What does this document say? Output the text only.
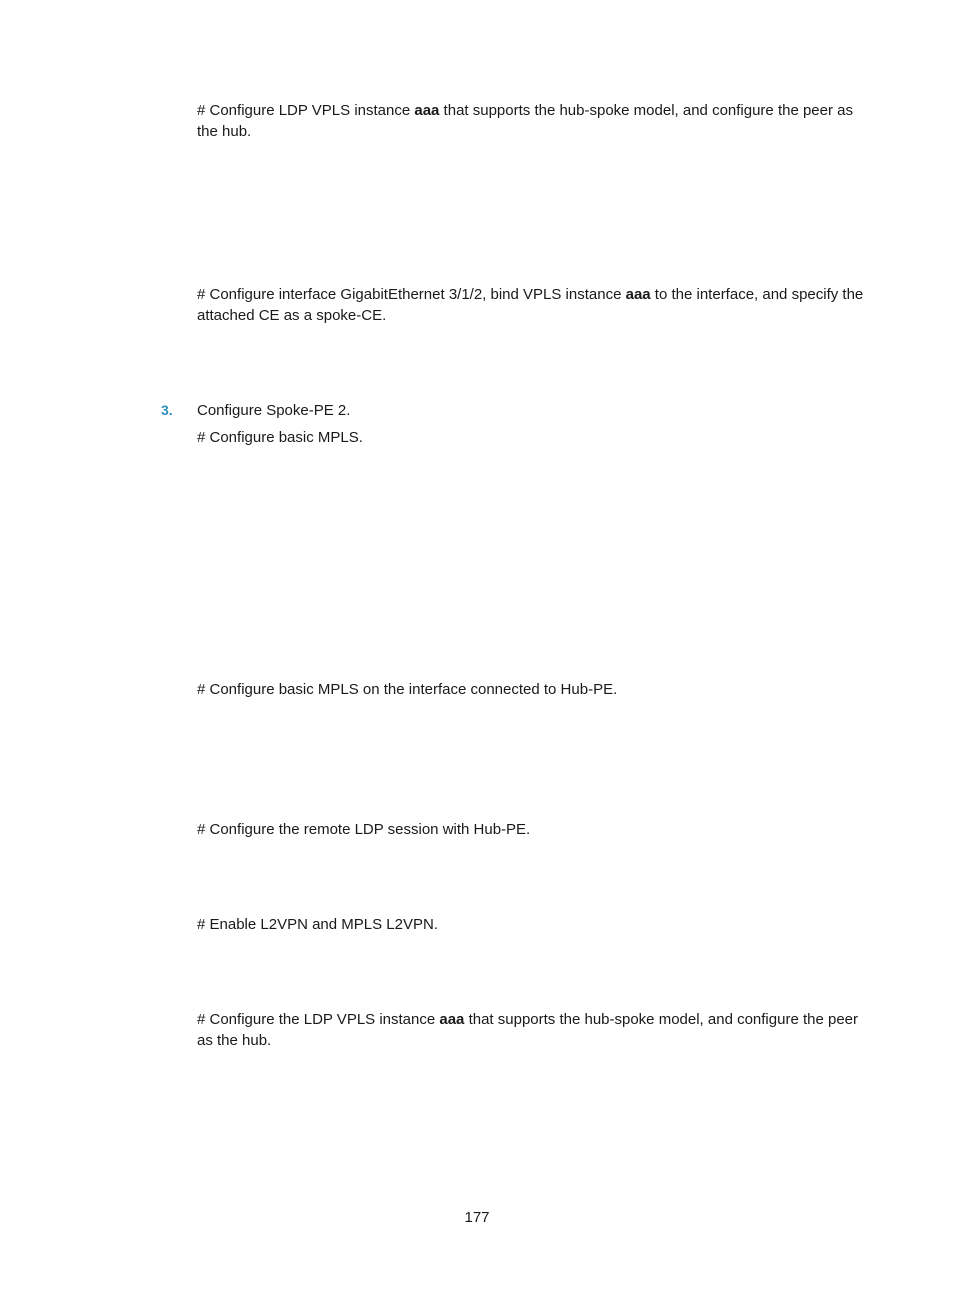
# Configure LDP VPLS instance aaa that supports the hub-spoke model, and configure the peer as the hub.

# Configure interface GigabitEthernet 3/1/2, bind VPLS instance aaa to the interface, and specify the attached CE as a spoke-CE.

3. Configure Spoke-PE 2.

# Configure basic MPLS.

# Configure basic MPLS on the interface connected to Hub-PE.

# Configure the remote LDP session with Hub-PE.

# Enable L2VPN and MPLS L2VPN.

# Configure the LDP VPLS instance aaa that supports the hub-spoke model, and configure the peer as the hub.

177
